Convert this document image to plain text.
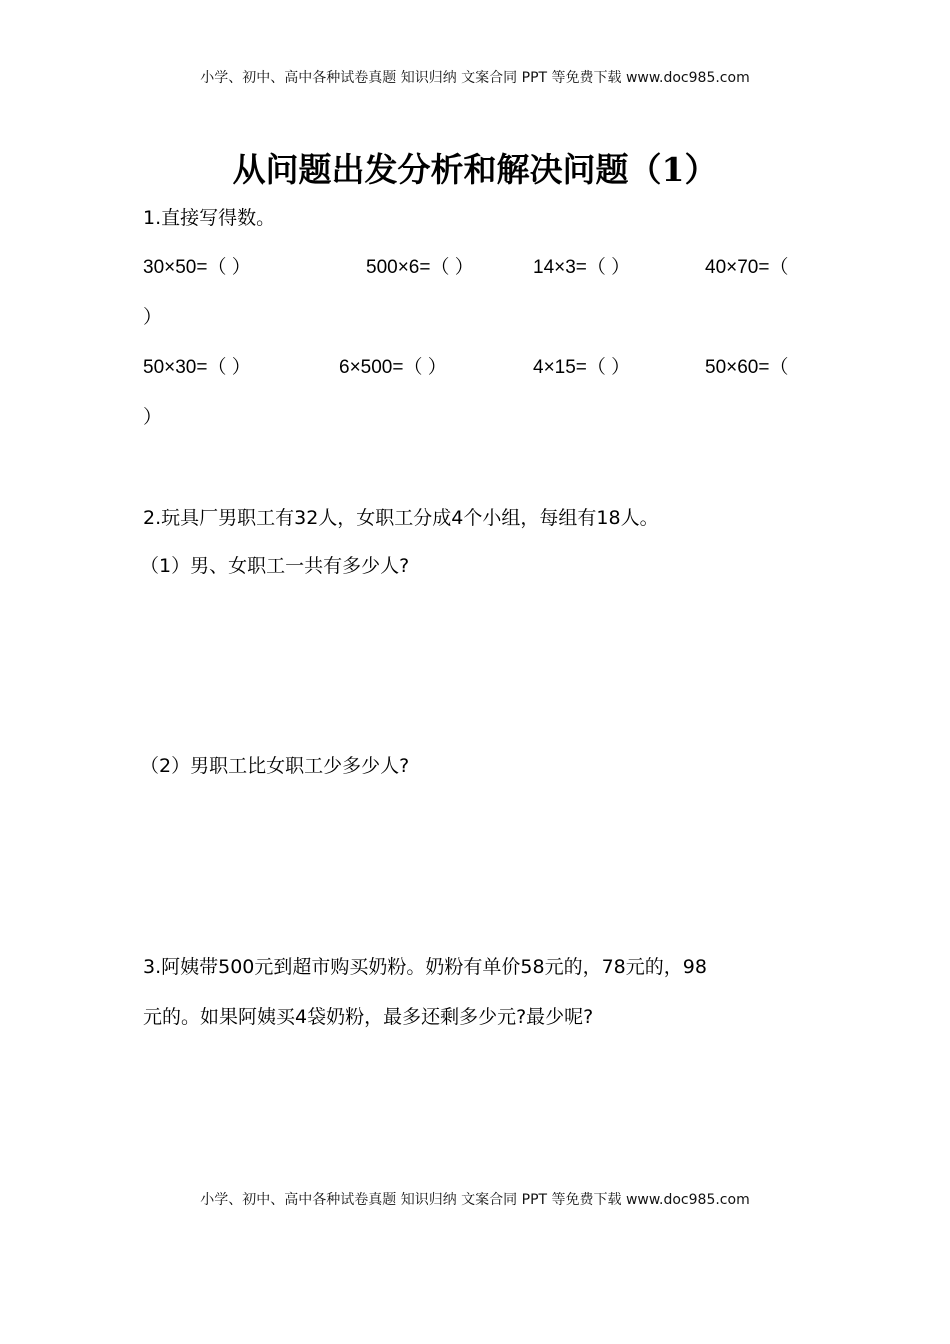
小学、初中、高中各种试卷真题 知识归纳 文案合同 PPT 等免费下载 www.doc985.com
从问题出发分析和解决问题（1）
1.直接写得数。
30×50=（ ）	500×6=（ ）	14×3=（ ）	40×70=（
）
50×30=（ ）	6×500=（ ）	4×15=（ ）	50×60=（
）
2.玩具厂男职工有32人，女职工分成4个小组，每组有18人。
（1）男、女职工一共有多少人?
（2）男职工比女职工少多少人?
3.阿姨带500元到超市购买奶粉。奶粉有单价58元的，78元的，98
元的。如果阿姨买4袋奶粉，最多还剩多少元?最少呢?
小学、初中、高中各种试卷真题 知识归纳 文案合同 PPT 等免费下载 www.doc985.com
